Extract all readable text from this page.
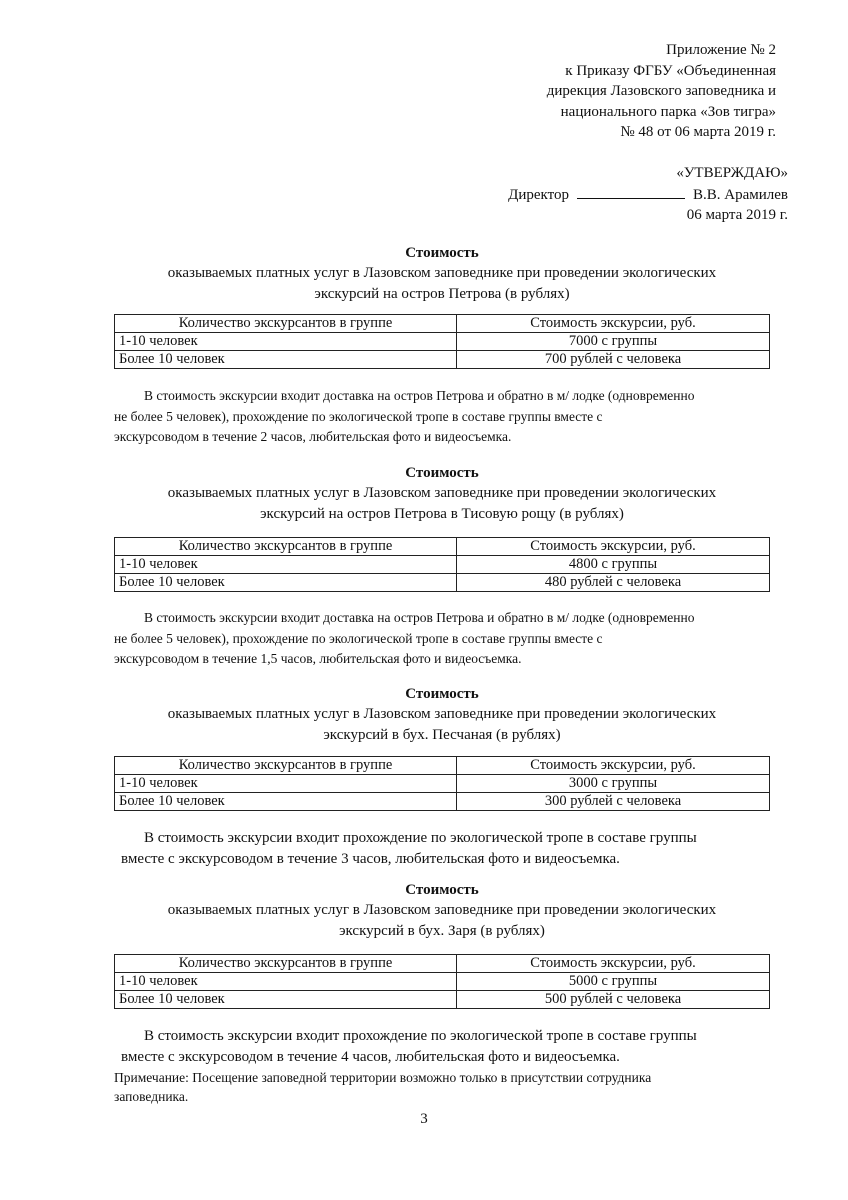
Приложение № 2
к Приказу ФГБУ «Объединенная
дирекция Лазовского заповедника и
национального парка «Зов тигра»
№ 48 от 06 марта 2019 г.
«УТВЕРЖДАЮ»
Директор	В.В. Арамилев
06 марта 2019 г.
Стоимость
оказываемых платных услуг в Лазовском заповеднике при проведении экологических
экскурсий на остров Петрова (в рублях)
Количество экскурсантов в группе	Стоимость экскурсии, руб.
1-10 человек	7000 с группы
Более 10 человек	700 рублей с человека
В стоимость экскурсии входит доставка на остров Петрова и обратно в м/ лодке (одновременно
не более 5 человек), прохождение по экологической тропе в составе группы вместе с
экскурсоводом в течение 2 часов, любительская фото и видеосъемка.
Стоимость
оказываемых платных услуг в Лазовском заповеднике при проведении экологических
экскурсий на остров Петрова в Тисовую рощу (в рублях)
Количество экскурсантов в группе	Стоимость экскурсии, руб.
1-10 человек	4800 с группы
Более 10 человек	480 рублей с человека
В стоимость экскурсии входит доставка на остров Петрова и обратно в м/ лодке (одновременно
не более 5 человек), прохождение по экологической тропе в составе группы вместе с
экскурсоводом в течение 1,5 часов, любительская фото и видеосъемка.
Стоимость
оказываемых платных услуг в Лазовском заповеднике при проведении экологических
экскурсий в бух. Песчаная (в рублях)
Количество экскурсантов в группе	Стоимость экскурсии, руб.
1-10 человек	3000 с группы
Более 10 человек	300 рублей с человека
В стоимость экскурсии входит прохождение по экологической тропе в составе группы
вместе с экскурсоводом в течение 3 часов, любительская фото и видеосъемка.
Стоимость
оказываемых платных услуг в Лазовском заповеднике при проведении экологических
экскурсий в бух. Заря (в рублях)
Количество экскурсантов в группе	Стоимость экскурсии, руб.
1-10 человек	5000 с группы
Более 10 человек	500 рублей с человека
В стоимость экскурсии входит прохождение по экологической тропе в составе группы
вместе с экскурсоводом в течение 4 часов, любительская фото и видеосъемка.
Примечание: Посещение заповедной территории возможно только в присутствии сотрудника
заповедника.
3
